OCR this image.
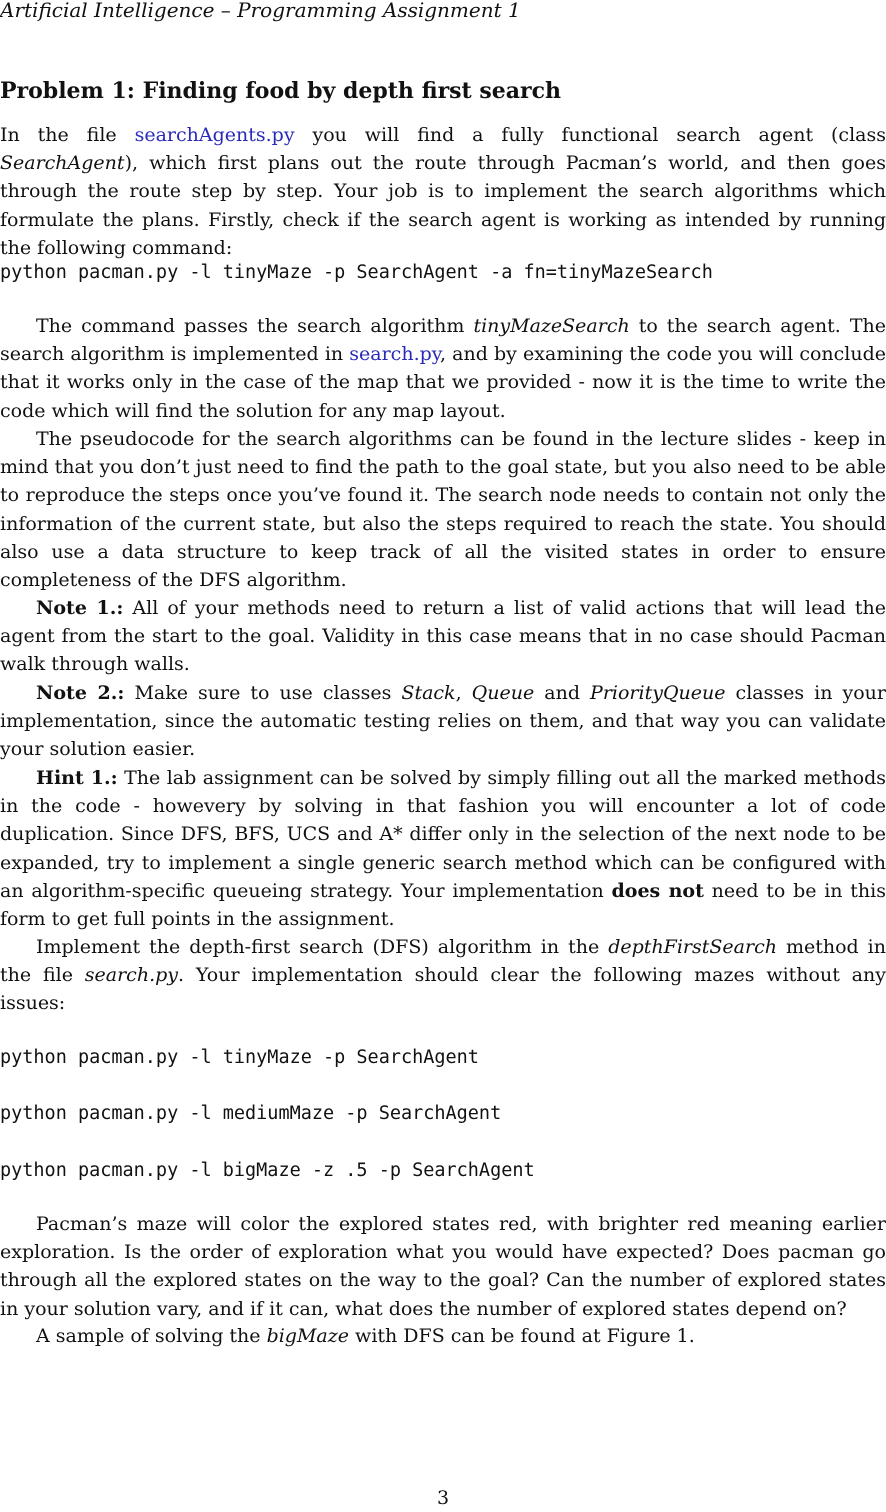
Artificial Intelligence – Programming Assignment 1
Problem 1: Finding food by depth first search

In the file searchAgents.py you will find a fully functional search agent (class SearchAgent), which first plans out the route through Pacman’s world, and then goes through the route step by step. Your job is to implement the search algorithms which formulate the plans. Firstly, check if the search agent is working as intended by running the following command:

python pacman.py -l tinyMaze -p SearchAgent -a fn=tinyMazeSearch

The command passes the search algorithm tinyMazeSearch to the search agent. The search algorithm is implemented in search.py, and by examining the code you will conclude that it works only in the case of the map that we provided - now it is the time to write the code which will find the solution for any map layout.

The pseudocode for the search algorithms can be found in the lecture slides - keep in mind that you don’t just need to find the path to the goal state, but you also need to be able to reproduce the steps once you’ve found it. The search node needs to contain not only the information of the current state, but also the steps required to reach the state. You should also use a data structure to keep track of all the visited states in order to ensure completeness of the DFS algorithm.

Note 1.: All of your methods need to return a list of valid actions that will lead the agent from the start to the goal. Validity in this case means that in no case should Pacman walk through walls.

Note 2.: Make sure to use classes Stack, Queue and PriorityQueue classes in your implementation, since the automatic testing relies on them, and that way you can validate your solution easier.

Hint 1.: The lab assignment can be solved by simply filling out all the marked methods in the code - howevery by solving in that fashion you will encounter a lot of code duplication. Since DFS, BFS, UCS and A* differ only in the selection of the next node to be expanded, try to implement a single generic search method which can be configured with an algorithm-specific queueing strategy. Your implementation does not need to be in this form to get full points in the assignment.

Implement the depth-first search (DFS) algorithm in the depthFirstSearch method in the file search.py. Your implementation should clear the following mazes without any issues:

python pacman.py -l tinyMaze -p SearchAgent
python pacman.py -l mediumMaze -p SearchAgent
python pacman.py -l bigMaze -z .5 -p SearchAgent

Pacman’s maze will color the explored states red, with brighter red meaning earlier exploration. Is the order of exploration what you would have expected? Does pacman go through all the explored states on the way to the goal? Can the number of explored states in your solution vary, and if it can, what does the number of explored states depend on?

A sample of solving the bigMaze with DFS can be found at Figure 1.

3
